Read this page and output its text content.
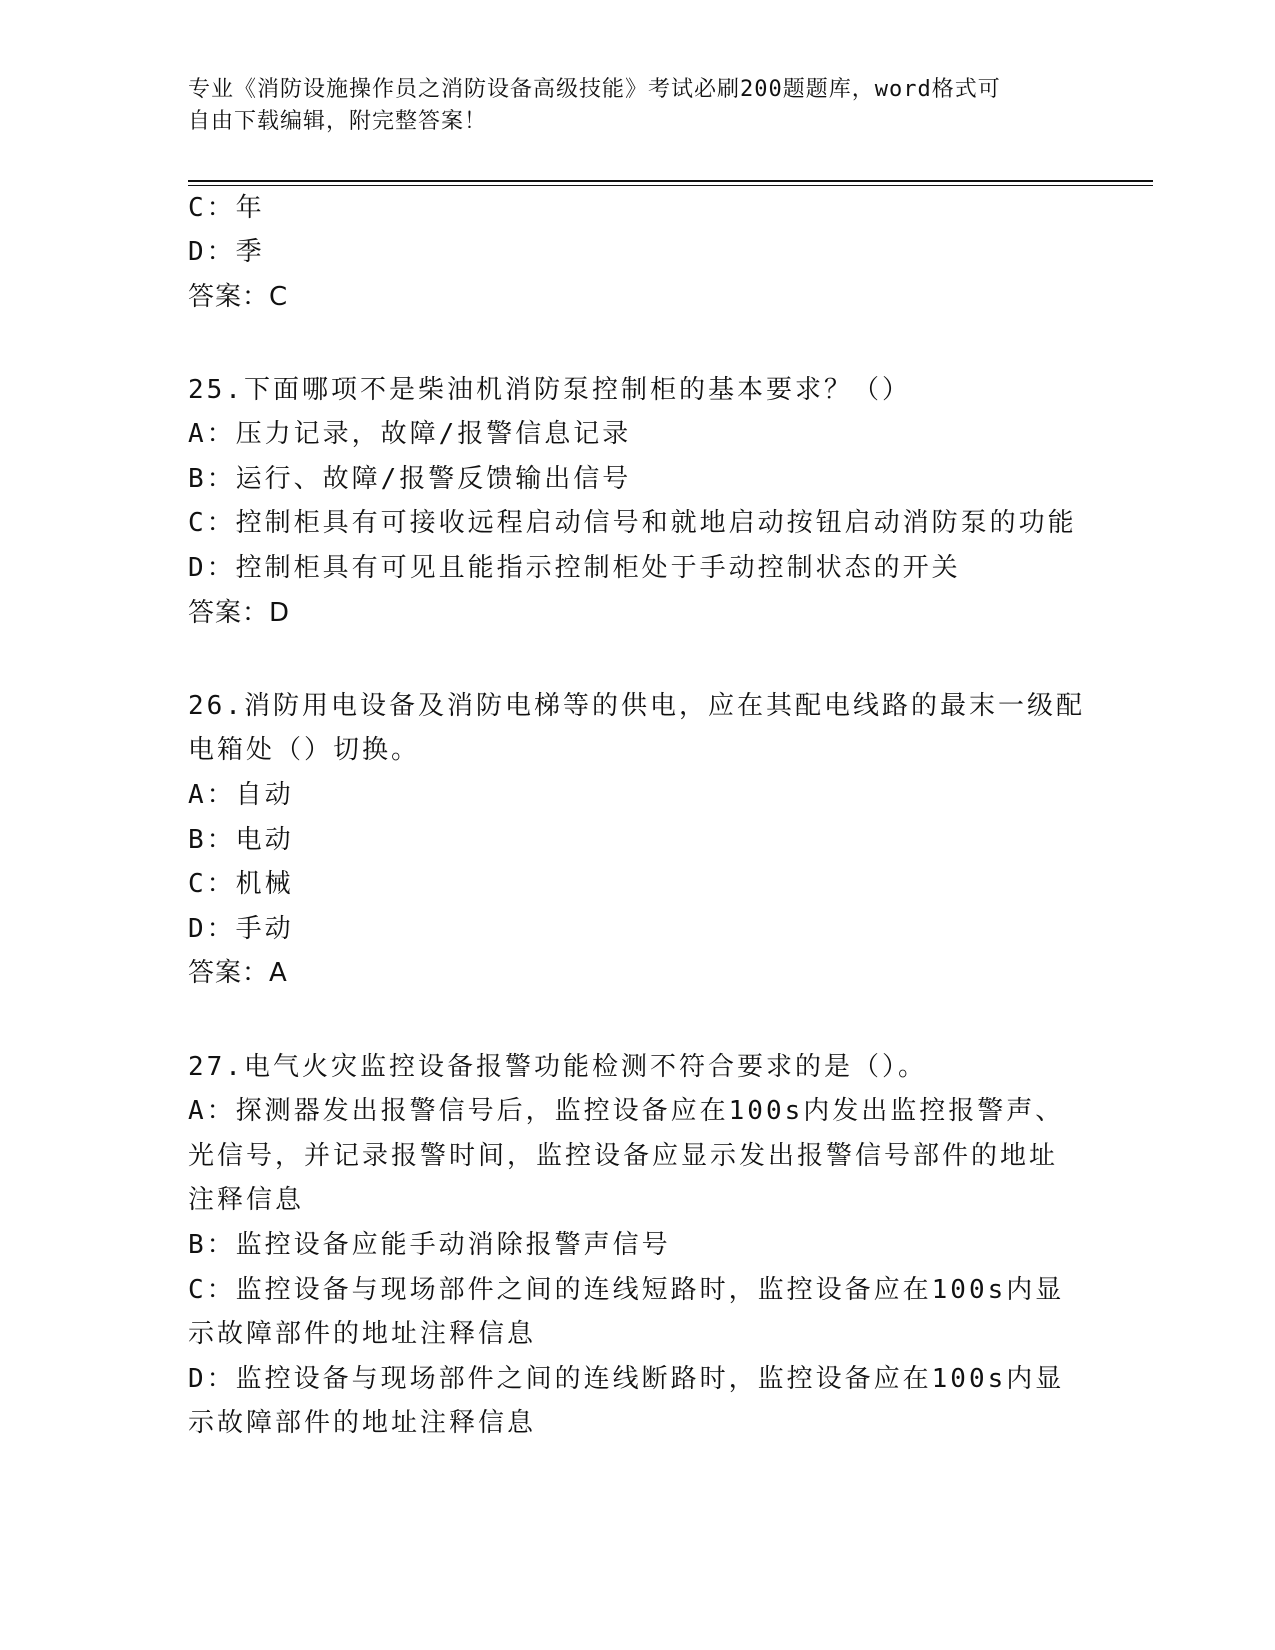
专业《消防设施操作员之消防设备高级技能》考试必刷200题题库，word格式可
自由下载编辑，附完整答案！
C：年
D：季
答案：C
25.下面哪项不是柴油机消防泵控制柜的基本要求？（）
A：压力记录，故障/报警信息记录
B：运行、故障/报警反馈输出信号
C：控制柜具有可接收远程启动信号和就地启动按钮启动消防泵的功能
D：控制柜具有可见且能指示控制柜处于手动控制状态的开关
答案：D
26.消防用电设备及消防电梯等的供电，应在其配电线路的最末一级配
电箱处（）切换。
A：自动
B：电动
C：机械
D：手动
答案：A
27.电气火灾监控设备报警功能检测不符合要求的是（）。
A：探测器发出报警信号后，监控设备应在100s内发出监控报警声、
光信号，并记录报警时间，监控设备应显示发出报警信号部件的地址
注释信息
B：监控设备应能手动消除报警声信号
C：监控设备与现场部件之间的连线短路时，监控设备应在100s内显
示故障部件的地址注释信息
D：监控设备与现场部件之间的连线断路时，监控设备应在100s内显
示故障部件的地址注释信息
